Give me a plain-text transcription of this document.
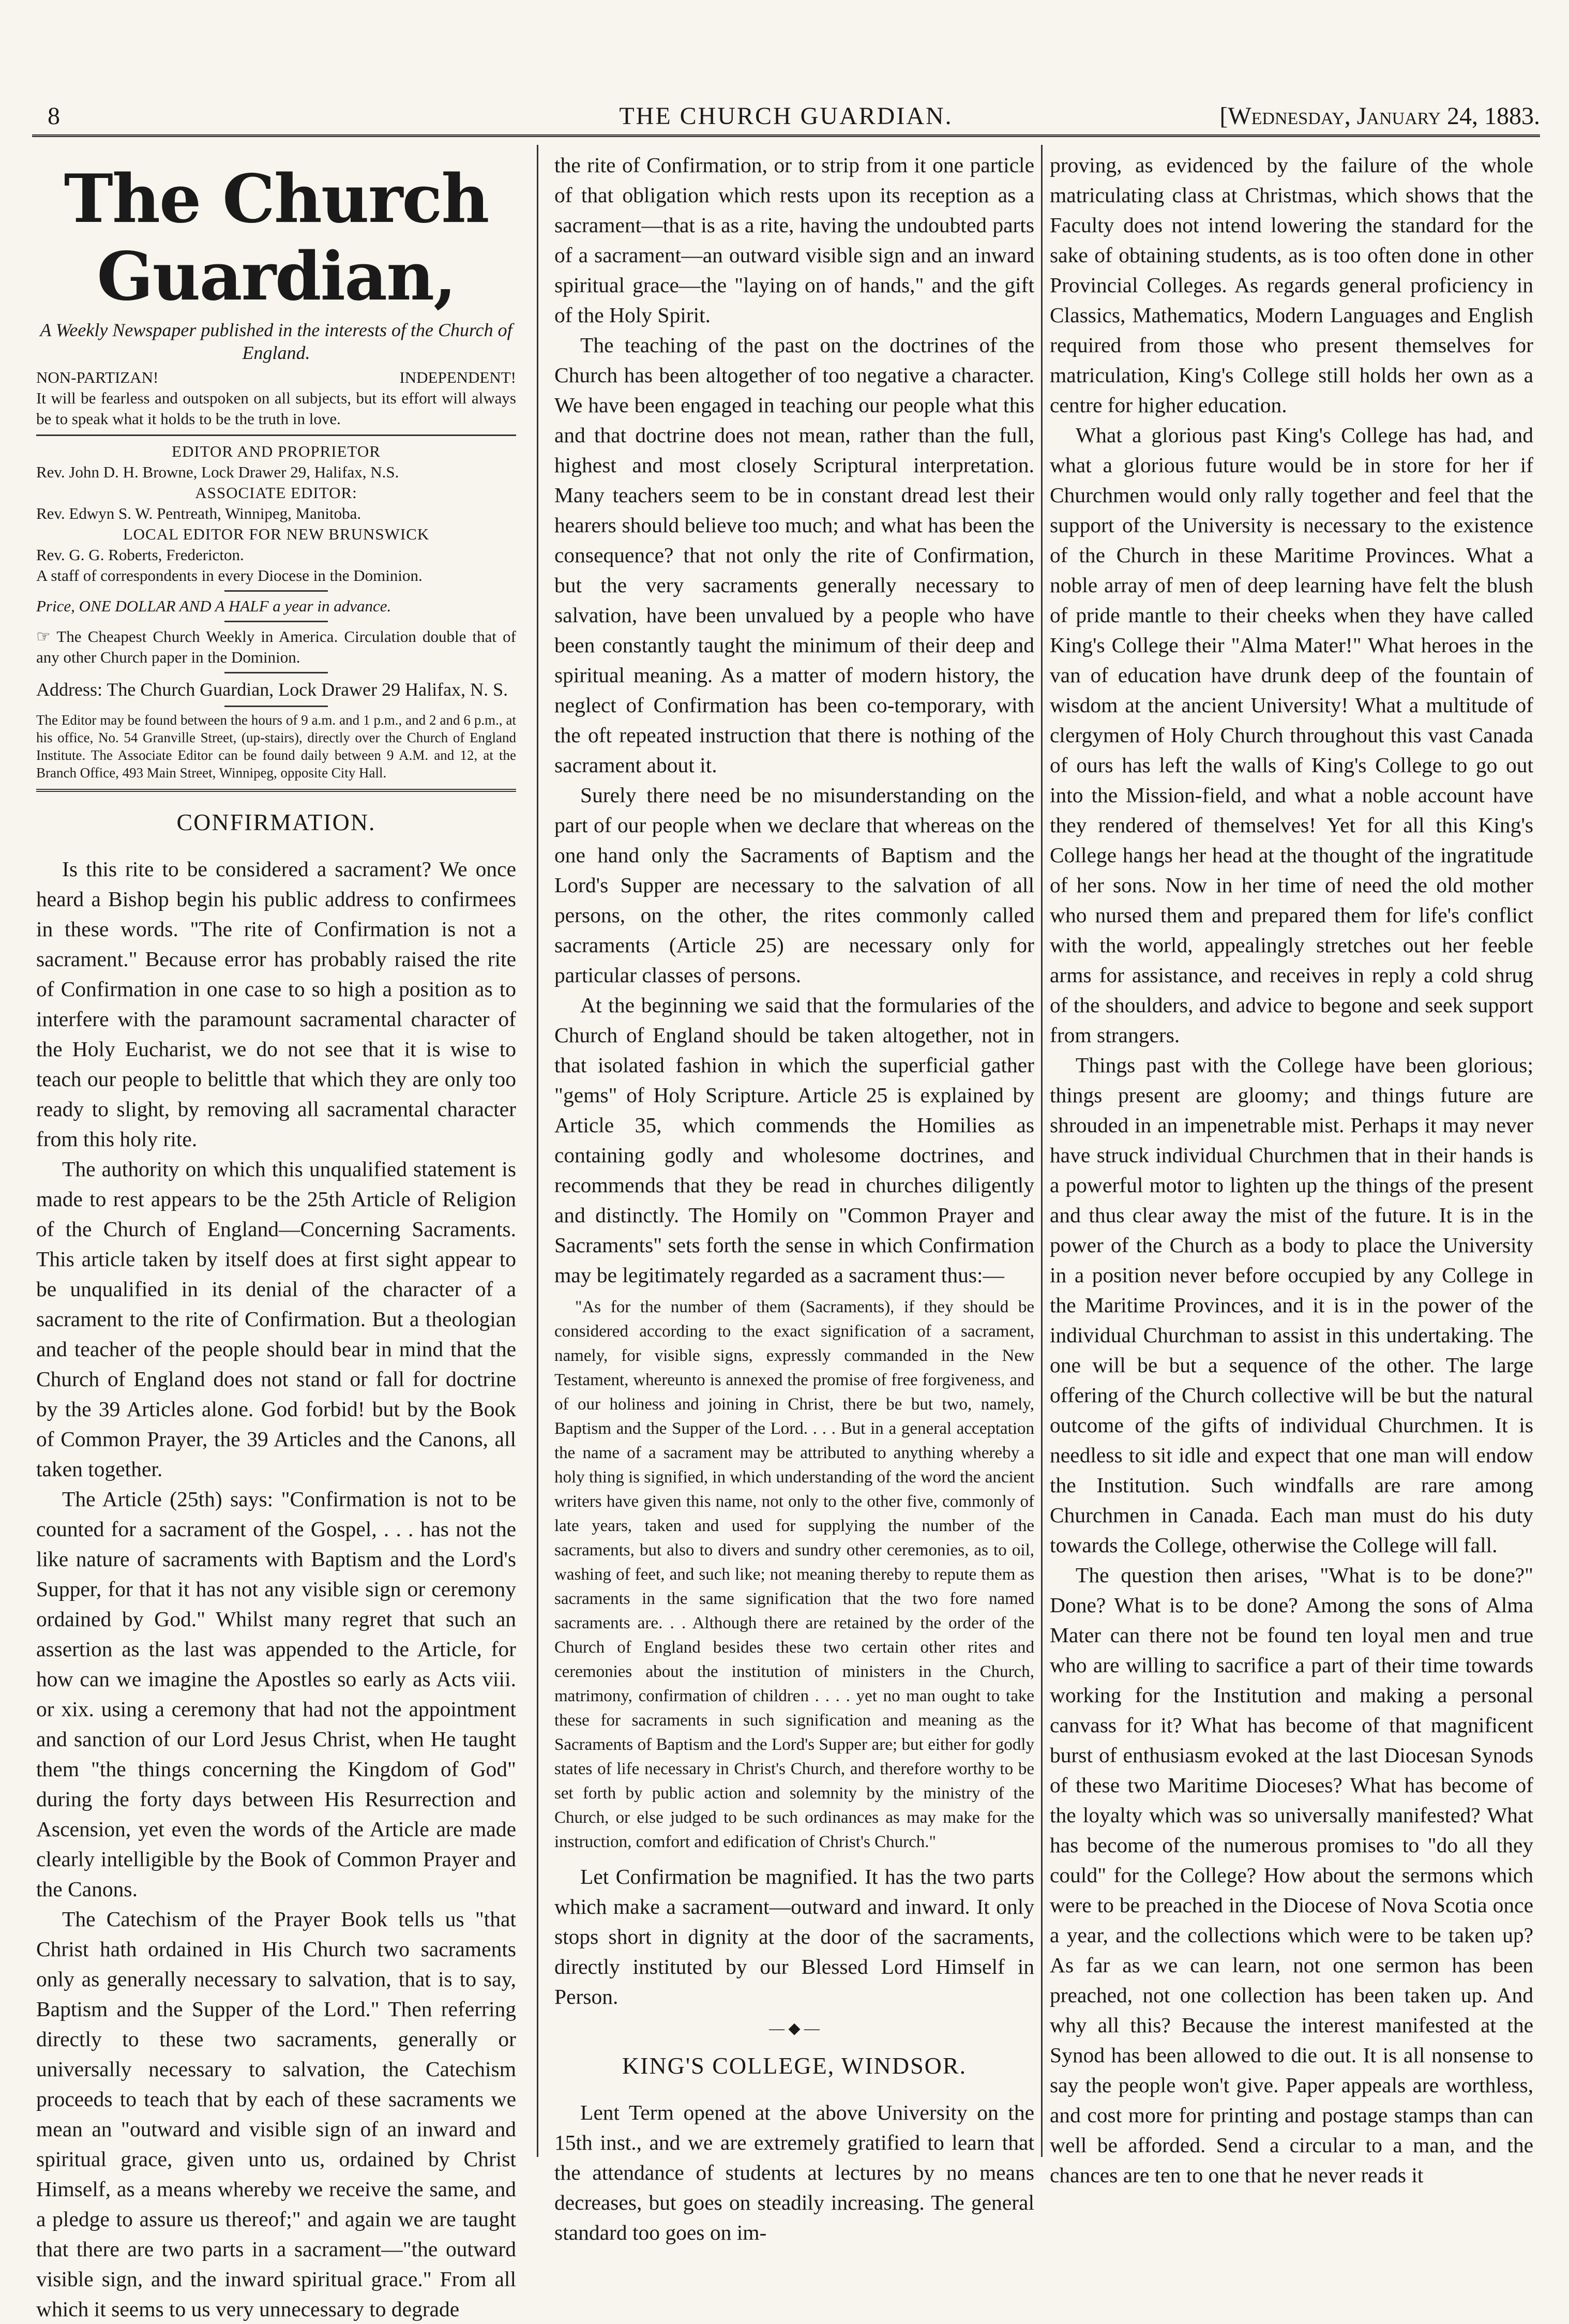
8	THE CHURCH GUARDIAN.	[Wednesday, January 24, 1883.
The Church Guardian,
A Weekly Newspaper published in the interests of the Church of England.
NON-PARTIZAN!	INDEPENDENT!
It will be fearless and outspoken on all subjects, but its effort will always be to speak what it holds to be the truth in love.
EDITOR AND PROPRIETOR
Rev. John D. H. Browne, Lock Drawer 29, Halifax, N.S.
ASSOCIATE EDITOR:
Rev. Edwyn S. W. Pentreath, Winnipeg, Manitoba.
LOCAL EDITOR FOR NEW BRUNSWICK
Rev. G. G. Roberts, Fredericton.
A staff of correspondents in every Diocese in the Dominion.
Price, ONE DOLLAR AND A HALF a year in advance.
☞ The Cheapest Church Weekly in America. Circulation double that of any other Church paper in the Dominion.
Address: The Church Guardian, Lock Drawer 29 Halifax, N. S.
The Editor may be found between the hours of 9 a.m. and 1 p.m., and 2 and 6 p.m., at his office, No. 54 Granville Street, (up-stairs), directly over the Church of England Institute. The Associate Editor can be found daily between 9 A.M. and 12, at the Branch Office, 493 Main Street, Winnipeg, opposite City Hall.
CONFIRMATION.

Is this rite to be considered a sacrament? We once heard a Bishop begin his public address to confirmees in these words. "The rite of Confirmation is not a sacrament." Because error has probably raised the rite of Confirmation in one case to so high a position as to interfere with the paramount sacramental character of the Holy Eucharist, we do not see that it is wise to teach our people to belittle that which they are only too ready to slight, by removing all sacramental character from this holy rite.

The authority on which this unqualified statement is made to rest appears to be the 25th Article of Religion of the Church of England—Concerning Sacraments. This article taken by itself does at first sight appear to be unqualified in its denial of the character of a sacrament to the rite of Confirmation. But a theologian and teacher of the people should bear in mind that the Church of England does not stand or fall for doctrine by the 39 Articles alone. God forbid! but by the Book of Common Prayer, the 39 Articles and the Canons, all taken together.

The Article (25th) says: "Confirmation is not to be counted for a sacrament of the Gospel, . . . has not the like nature of sacraments with Baptism and the Lord's Supper, for that it has not any visible sign or ceremony ordained by God." Whilst many regret that such an assertion as the last was appended to the Article, for how can we imagine the Apostles so early as Acts viii. or xix. using a ceremony that had not the appointment and sanction of our Lord Jesus Christ, when He taught them "the things concerning the Kingdom of God" during the forty days between His Resurrection and Ascension, yet even the words of the Article are made clearly intelligible by the Book of Common Prayer and the Canons.

The Catechism of the Prayer Book tells us "that Christ hath ordained in His Church two sacraments only as generally necessary to salvation, that is to say, Baptism and the Supper of the Lord." Then referring directly to these two sacraments, generally or universally necessary to salvation, the Catechism proceeds to teach that by each of these sacraments we mean an "outward and visible sign of an inward and spiritual grace, given unto us, ordained by Christ Himself, as a means whereby we receive the same, and a pledge to assure us thereof;" and again we are taught that there are two parts in a sacrament—"the outward visible sign, and the inward spiritual grace." From all which it seems to us very unnecessary to degrade

the rite of Confirmation, or to strip from it one particle of that obligation which rests upon its reception as a sacrament—that is as a rite, having the undoubted parts of a sacrament—an outward visible sign and an inward spiritual grace—the "laying on of hands," and the gift of the Holy Spirit.

The teaching of the past on the doctrines of the Church has been altogether of too negative a character. We have been engaged in teaching our people what this and that doctrine does not mean, rather than the full, highest and most closely Scriptural interpretation. Many teachers seem to be in constant dread lest their hearers should believe too much; and what has been the consequence? that not only the rite of Confirmation, but the very sacraments generally necessary to salvation, have been unvalued by a people who have been constantly taught the minimum of their deep and spiritual meaning. As a matter of modern history, the neglect of Confirmation has been co-temporary, with the oft repeated instruction that there is nothing of the sacrament about it.

Surely there need be no misunderstanding on the part of our people when we declare that whereas on the one hand only the Sacraments of Baptism and the Lord's Supper are necessary to the salvation of all persons, on the other, the rites commonly called sacraments (Article 25) are necessary only for particular classes of persons.

At the beginning we said that the formularies of the Church of England should be taken altogether, not in that isolated fashion in which the superficial gather "gems" of Holy Scripture. Article 25 is explained by Article 35, which commends the Homilies as containing godly and wholesome doctrines, and recommends that they be read in churches diligently and distinctly. The Homily on "Common Prayer and Sacraments" sets forth the sense in which Confirmation may be legitimately regarded as a sacrament thus:—

"As for the number of them (Sacraments), if they should be considered according to the exact signification of a sacrament, namely, for visible signs, expressly commanded in the New Testament, whereunto is annexed the promise of free forgiveness, and of our holiness and joining in Christ, there be but two, namely, Baptism and the Supper of the Lord. . . . But in a general acceptation the name of a sacrament may be attributed to anything whereby a holy thing is signified, in which understanding of the word the ancient writers have given this name, not only to the other five, commonly of late years, taken and used for supplying the number of the sacraments, but also to divers and sundry other ceremonies, as to oil, washing of feet, and such like; not meaning thereby to repute them as sacraments in the same signification that the two fore named sacraments are. . . Although there are retained by the order of the Church of England besides these two certain other rites and ceremonies about the institution of ministers in the Church, matrimony, confirmation of children . . . . yet no man ought to take these for sacraments in such signification and meaning as the Sacraments of Baptism and the Lord's Supper are; but either for godly states of life necessary in Christ's Church, and therefore worthy to be set forth by public action and solemnity by the ministry of the Church, or else judged to be such ordinances as may make for the instruction, comfort and edification of Christ's Church."

Let Confirmation be magnified. It has the two parts which make a sacrament—outward and inward. It only stops short in dignity at the door of the sacraments, directly instituted by our Blessed Lord Himself in Person.

— ◆ —
KING'S COLLEGE, WINDSOR.

Lent Term opened at the above University on the 15th inst., and we are extremely gratified to learn that the attendance of students at lectures by no means decreases, but goes on steadily increasing. The general standard too goes on im-

proving, as evidenced by the failure of the whole matriculating class at Christmas, which shows that the Faculty does not intend lowering the standard for the sake of obtaining students, as is too often done in other Provincial Colleges. As regards general proficiency in Classics, Mathematics, Modern Languages and English required from those who present themselves for matriculation, King's College still holds her own as a centre for higher education.

What a glorious past King's College has had, and what a glorious future would be in store for her if Churchmen would only rally together and feel that the support of the University is necessary to the existence of the Church in these Maritime Provinces. What a noble array of men of deep learning have felt the blush of pride mantle to their cheeks when they have called King's College their "Alma Mater!" What heroes in the van of education have drunk deep of the fountain of wisdom at the ancient University! What a multitude of clergymen of Holy Church throughout this vast Canada of ours has left the walls of King's College to go out into the Mission-field, and what a noble account have they rendered of themselves! Yet for all this King's College hangs her head at the thought of the ingratitude of her sons. Now in her time of need the old mother who nursed them and prepared them for life's conflict with the world, appealingly stretches out her feeble arms for assistance, and receives in reply a cold shrug of the shoulders, and advice to begone and seek support from strangers.

Things past with the College have been glorious; things present are gloomy; and things future are shrouded in an impenetrable mist. Perhaps it may never have struck individual Churchmen that in their hands is a powerful motor to lighten up the things of the present and thus clear away the mist of the future. It is in the power of the Church as a body to place the University in a position never before occupied by any College in the Maritime Provinces, and it is in the power of the individual Churchman to assist in this undertaking. The one will be but a sequence of the other. The large offering of the Church collective will be but the natural outcome of the gifts of individual Churchmen. It is needless to sit idle and expect that one man will endow the Institution. Such windfalls are rare among Churchmen in Canada. Each man must do his duty towards the College, otherwise the College will fall.

The question then arises, "What is to be done?" Done? What is to be done? Among the sons of Alma Mater can there not be found ten loyal men and true who are willing to sacrifice a part of their time towards working for the Institution and making a personal canvass for it? What has become of that magnificent burst of enthusiasm evoked at the last Diocesan Synods of these two Maritime Dioceses? What has become of the loyalty which was so universally manifested? What has become of the numerous promises to "do all they could" for the College? How about the sermons which were to be preached in the Diocese of Nova Scotia once a year, and the collections which were to be taken up? As far as we can learn, not one sermon has been preached, not one collection has been taken up. And why all this? Because the interest manifested at the Synod has been allowed to die out. It is all nonsense to say the people won't give. Paper appeals are worthless, and cost more for printing and postage stamps than can well be afforded. Send a circular to a man, and the chances are ten to one that he never reads it
